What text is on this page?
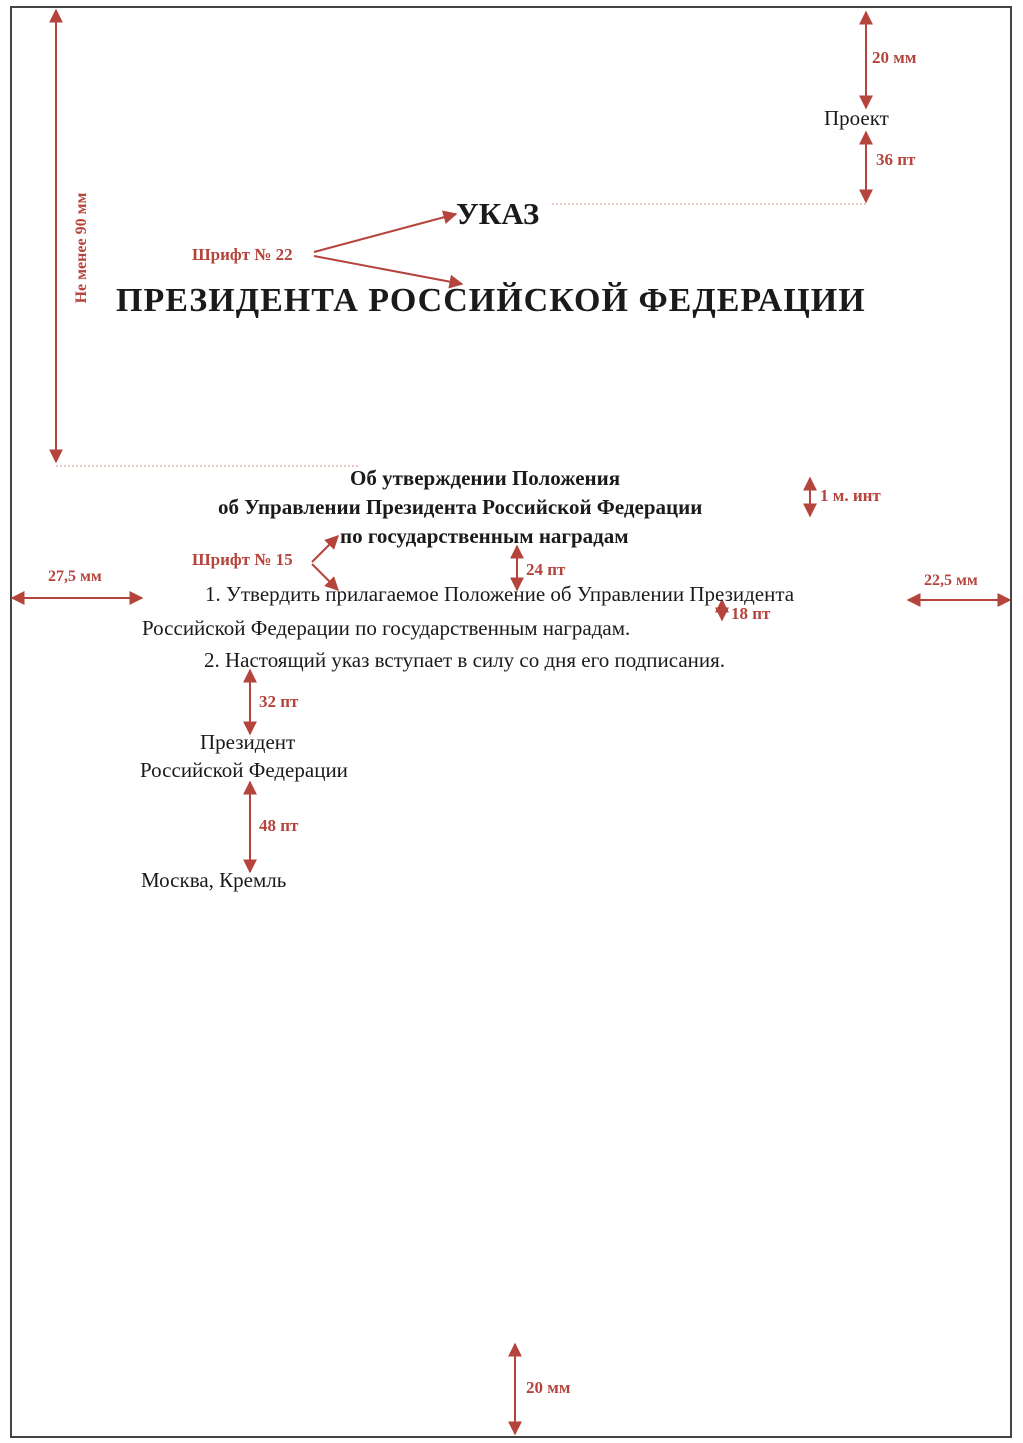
Проект
УКАЗ
ПРЕЗИДЕНТА РОССИЙСКОЙ ФЕДЕРАЦИИ
Об утверждении Положения
об Управлении Президента Российской Федерации
по государственным наградам
1. Утвердить прилагаемое Положение об Управлении Президента
Российской Федерации по государственным наградам.
2. Настоящий указ вступает в силу со дня его подписания.
Президент
Российской Федерации
Москва, Кремль
20 мм
36 пт
Шрифт № 22
Не менее 90 мм
1 м. инт
Шрифт № 15
24 пт
27,5 мм	22,5 мм
18 пт
32 пт
48 пт
20 мм
